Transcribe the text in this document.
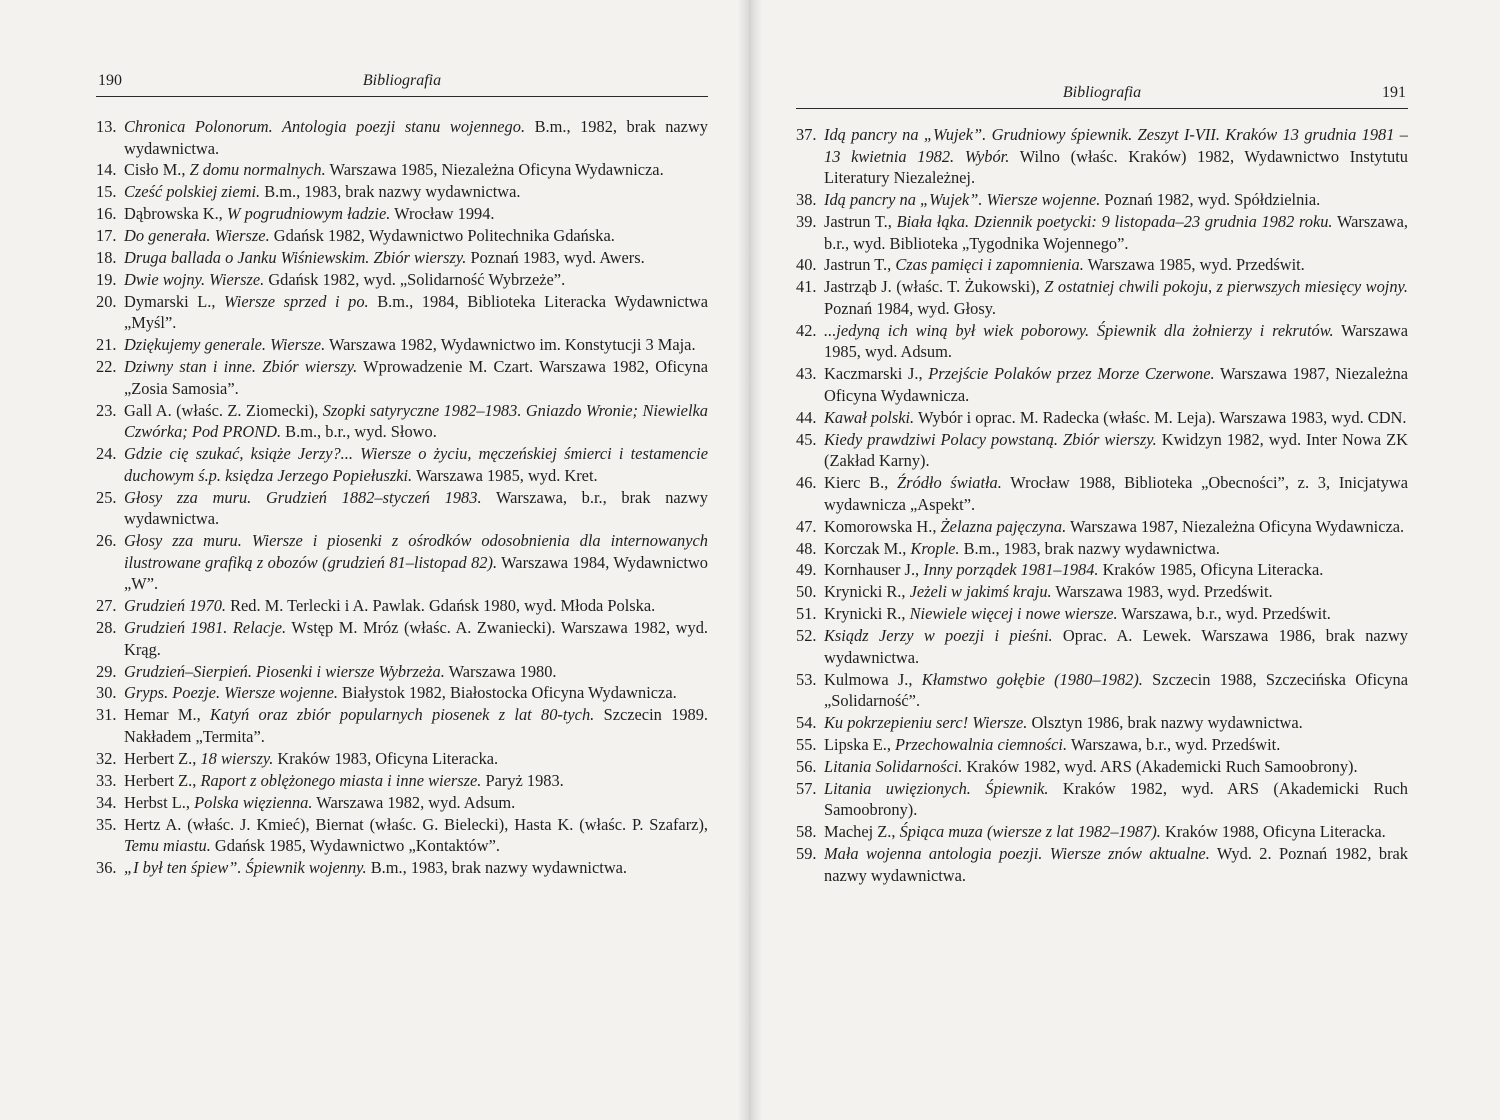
190	Bibliografia
13. Chronica Polonorum. Antologia poezji stanu wojennego. B.m., 1982, brak nazwy wydawnictwa.
14. Cisło M., Z domu normalnych. Warszawa 1985, Niezależna Oficyna Wydawnicza.
15. Cześć polskiej ziemi. B.m., 1983, brak nazwy wydawnictwa.
16. Dąbrowska K., W pogrudniowym ładzie. Wrocław 1994.
17. Do generała. Wiersze. Gdańsk 1982, Wydawnictwo Politechnika Gdańska.
18. Druga ballada o Janku Wiśniewskim. Zbiór wierszy. Poznań 1983, wyd. Awers.
19. Dwie wojny. Wiersze. Gdańsk 1982, wyd. „Solidarność Wybrzeże”.
20. Dymarski L., Wiersze sprzed i po. B.m., 1984, Biblioteka Literacka Wydawnictwa „Myśl”.
21. Dziękujemy generale. Wiersze. Warszawa 1982, Wydawnictwo im. Konstytucji 3 Maja.
22. Dziwny stan i inne. Zbiór wierszy. Wprowadzenie M. Czart. Warszawa 1982, Oficyna „Zosia Samosia”.
23. Gall A. (właśc. Z. Ziomecki), Szopki satyryczne 1982–1983. Gniazdo Wronie; Niewielka Czwórka; Pod PROND. B.m., b.r., wyd. Słowo.
24. Gdzie cię szukać, książe Jerzy?... Wiersze o życiu, męczeńskiej śmierci i testamencie duchowym ś.p. księdza Jerzego Popiełuszki. Warszawa 1985, wyd. Kret.
25. Głosy zza muru. Grudzień 1882–styczeń 1983. Warszawa, b.r., brak nazwy wydawnictwa.
26. Głosy zza muru. Wiersze i piosenki z ośrodków odosobnienia dla internowanych ilustrowane grafiką z obozów (grudzień 81–listopad 82). Warszawa 1984, Wydawnictwo „W”.
27. Grudzień 1970. Red. M. Terlecki i A. Pawlak. Gdańsk 1980, wyd. Młoda Polska.
28. Grudzień 1981. Relacje. Wstęp M. Mróz (właśc. A. Zwaniecki). Warszawa 1982, wyd. Krąg.
29. Grudzień–Sierpień. Piosenki i wiersze Wybrzeża. Warszawa 1980.
30. Gryps. Poezje. Wiersze wojenne. Białystok 1982, Białostocka Oficyna Wydawnicza.
31. Hemar M., Katyń oraz zbiór popularnych piosenek z lat 80-tych. Szczecin 1989. Nakładem „Termita”.
32. Herbert Z., 18 wierszy. Kraków 1983, Oficyna Literacka.
33. Herbert Z., Raport z oblężonego miasta i inne wiersze. Paryż 1983.
34. Herbst L., Polska więzienna. Warszawa 1982, wyd. Adsum.
35. Hertz A. (właśc. J. Kmieć), Biernat (właśc. G. Bielecki), Hasta K. (właśc. P. Szafarz), Temu miastu. Gdańsk 1985, Wydawnictwo „Kontaktów”.
36. „I był ten śpiew”. Śpiewnik wojenny. B.m., 1983, brak nazwy wydawnictwa.
Bibliografia	191
37. Idą pancry na „Wujek”. Grudniowy śpiewnik. Zeszyt I-VII. Kraków 13 grudnia 1981 – 13 kwietnia 1982. Wybór. Wilno (właśc. Kraków) 1982, Wydawnictwo Instytutu Literatury Niezależnej.
38. Idą pancry na „Wujek”. Wiersze wojenne. Poznań 1982, wyd. Spółdzielnia.
39. Jastrun T., Biała łąka. Dziennik poetycki: 9 listopada–23 grudnia 1982 roku. Warszawa, b.r., wyd. Biblioteka „Tygodnika Wojennego”.
40. Jastrun T., Czas pamięci i zapomnienia. Warszawa 1985, wyd. Przedświt.
41. Jastrząb J. (właśc. T. Żukowski), Z ostatniej chwili pokoju, z pierwszych miesięcy wojny. Poznań 1984, wyd. Głosy.
42. ...jedyną ich winą był wiek poborowy. Śpiewnik dla żołnierzy i rekrutów. Warszawa 1985, wyd. Adsum.
43. Kaczmarski J., Przejście Polaków przez Morze Czerwone. Warszawa 1987, Niezależna Oficyna Wydawnicza.
44. Kawał polski. Wybór i oprac. M. Radecka (właśc. M. Leja). Warszawa 1983, wyd. CDN.
45. Kiedy prawdziwi Polacy powstaną. Zbiór wierszy. Kwidzyn 1982, wyd. Inter Nowa ZK (Zakład Karny).
46. Kierc B., Źródło światła. Wrocław 1988, Biblioteka „Obecności”, z. 3, Inicjatywa wydawnicza „Aspekt”.
47. Komorowska H., Żelazna pajęczyna. Warszawa 1987, Niezależna Oficyna Wydawnicza.
48. Korczak M., Krople. B.m., 1983, brak nazwy wydawnictwa.
49. Kornhauser J., Inny porządek 1981–1984. Kraków 1985, Oficyna Literacka.
50. Krynicki R., Jeżeli w jakimś kraju. Warszawa 1983, wyd. Przedświt.
51. Krynicki R., Niewiele więcej i nowe wiersze. Warszawa, b.r., wyd. Przedświt.
52. Ksiądz Jerzy w poezji i pieśni. Oprac. A. Lewek. Warszawa 1986, brak nazwy wydawnictwa.
53. Kulmowa J., Kłamstwo gołębie (1980–1982). Szczecin 1988, Szczecińska Oficyna „Solidarność”.
54. Ku pokrzepieniu serc! Wiersze. Olsztyn 1986, brak nazwy wydawnictwa.
55. Lipska E., Przechowalnia ciemności. Warszawa, b.r., wyd. Przedświt.
56. Litania Solidarności. Kraków 1982, wyd. ARS (Akademicki Ruch Samoobrony).
57. Litania uwięzionych. Śpiewnik. Kraków 1982, wyd. ARS (Akademicki Ruch Samoobrony).
58. Machej Z., Śpiąca muza (wiersze z lat 1982–1987). Kraków 1988, Oficyna Literacka.
59. Mała wojenna antologia poezji. Wiersze znów aktualne. Wyd. 2. Poznań 1982, brak nazwy wydawnictwa.
